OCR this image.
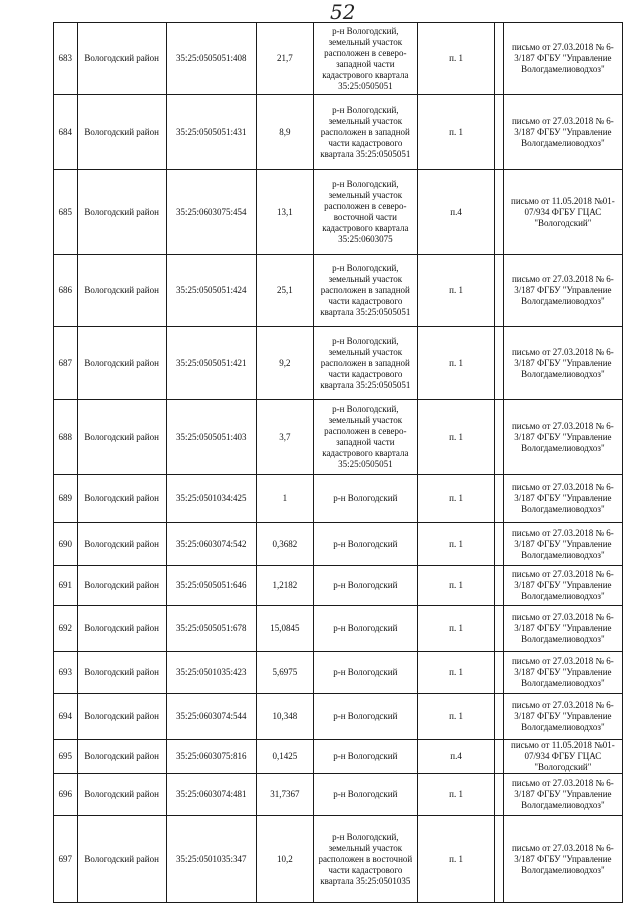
52
683	Вологодский район	35:25:0505051:408	21,7	р-н Вологодский, земельный участок расположен в северо-западной части кадастрового квартала 35:25:0505051	п. 1		письмо от 27.03.2018 № 6-3/187 ФГБУ "Управление Вологдамелиоводхоз"
684	Вологодский район	35:25:0505051:431	8,9	р-н Вологодский, земельный участок расположен в западной части кадастрового квартала 35:25:0505051	п. 1		письмо от 27.03.2018 № 6-3/187 ФГБУ "Управление Вологдамелиоводхоз"
685	Вологодский район	35:25:0603075:454	13,1	р-н Вологодский, земельный участок расположен в северо-восточной части кадастрового квартала 35:25:0603075	п.4		письмо от 11.05.2018 №01-07/934 ФГБУ ГЦАС "Вологодский"
686	Вологодский район	35:25:0505051:424	25,1	р-н Вологодский, земельный участок расположен в западной части кадастрового квартала 35:25:0505051	п. 1		письмо от 27.03.2018 № 6-3/187 ФГБУ "Управление Вологдамелиоводхоз"
687	Вологодский район	35:25:0505051:421	9,2	р-н Вологодский, земельный участок расположен в западной части кадастрового квартала 35:25:0505051	п. 1		письмо от 27.03.2018 № 6-3/187 ФГБУ "Управление Вологдамелиоводхоз"
688	Вологодский район	35:25:0505051:403	3,7	р-н Вологодский, земельный участок расположен в северо-западной части кадастрового квартала 35:25:0505051	п. 1		письмо от 27.03.2018 № 6-3/187 ФГБУ "Управление Вологдамелиоводхоз"
689	Вологодский район	35:25:0501034:425	1	р-н Вологодский	п. 1		письмо от 27.03.2018 № 6-3/187 ФГБУ "Управление Вологдамелиоводхоз"
690	Вологодский район	35:25:0603074:542	0,3682	р-н Вологодский	п. 1		письмо от 27.03.2018 № 6-3/187 ФГБУ "Управление Вологдамелиоводхоз"
691	Вологодский район	35:25:0505051:646	1,2182	р-н Вологодский	п. 1		письмо от 27.03.2018 № 6-3/187 ФГБУ "Управление Вологдамелиоводхоз"
692	Вологодский район	35:25:0505051:678	15,0845	р-н Вологодский	п. 1		письмо от 27.03.2018 № 6-3/187 ФГБУ "Управление Вологдамелиоводхоз"
693	Вологодский район	35:25:0501035:423	5,6975	р-н Вологодский	п. 1		письмо от 27.03.2018 № 6-3/187 ФГБУ "Управление Вологдамелиоводхоз"
694	Вологодский район	35:25:0603074:544	10,348	р-н Вологодский	п. 1		письмо от 27.03.2018 № 6-3/187 ФГБУ "Управление Вологдамелиоводхоз"
695	Вологодский район	35:25:0603075:816	0,1425	р-н Вологодский	п.4		письмо от 11.05.2018 №01-07/934 ФГБУ ГЦАС "Вологодский"
696	Вологодский район	35:25:0603074:481	31,7367	р-н Вологодский	п. 1		письмо от 27.03.2018 № 6-3/187 ФГБУ "Управление Вологдамелиоводхоз"
697	Вологодский район	35:25:0501035:347	10,2	р-н Вологодский, земельный участок расположен в восточной части кадастрового квартала 35:25:0501035	п. 1		письмо от 27.03.2018 № 6-3/187 ФГБУ "Управление Вологдамелиоводхоз"
